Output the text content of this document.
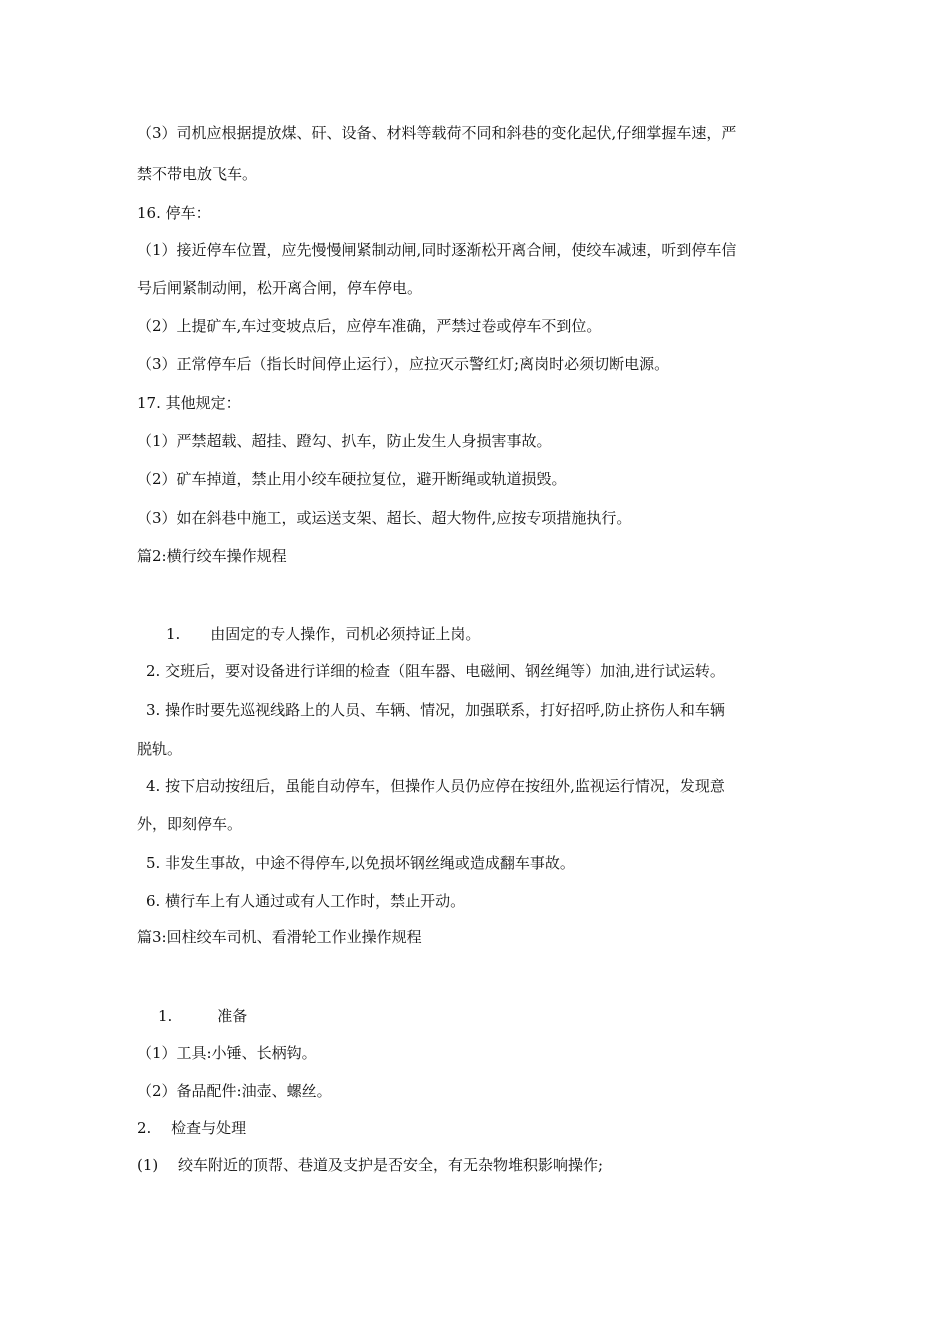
（3）司机应根据提放煤、矸、设备、材料等载荷不同和斜巷的变化起伏,仔细掌握车速，严
禁不带电放飞车。
16. 停车：
（1）接近停车位置，应先慢慢闸紧制动闸,同时逐渐松开离合闸，使绞车减速，听到停车信
号后闸紧制动闸，松开离合闸，停车停电。
（2）上提矿车,车过变坡点后，应停车准确，严禁过卷或停车不到位。
（3）正常停车后（指长时间停止运行），应拉灭示警红灯;离岗时必须切断电源。
17. 其他规定：
（1）严禁超载、超挂、蹬勾、扒车，防止发生人身损害事故。
（2）矿车掉道，禁止用小绞车硬拉复位，避开断绳或轨道损毁。
（3）如在斜巷中施工，或运送支架、超长、超大物件,应按专项措施执行。
篇2:横行绞车操作规程
1.　　由固定的专人操作，司机必须持证上岗。
2. 交班后，要对设备进行详细的检查（阻车器、电磁闸、钢丝绳等）加油,进行试运转。
3. 操作时要先巡视线路上的人员、车辆、情况，加强联系，打好招呼,防止挤伤人和车辆
脱轨。
4. 按下启动按纽后，虽能自动停车，但操作人员仍应停在按纽外,监视运行情况，发现意
外，即刻停车。
5. 非发生事故，中途不得停车,以免损坏钢丝绳或造成翻车事故。
6. 横行车上有人通过或有人工作时，禁止开动。
篇3:回柱绞车司机、看滑轮工作业操作规程
1.　　　准备
（1）工具:小锤、长柄钩。
（2）备品配件:油壶、螺丝。
2.　 检查与处理
(1)　 绞车附近的顶帮、巷道及支护是否安全，有无杂物堆积影响操作;
